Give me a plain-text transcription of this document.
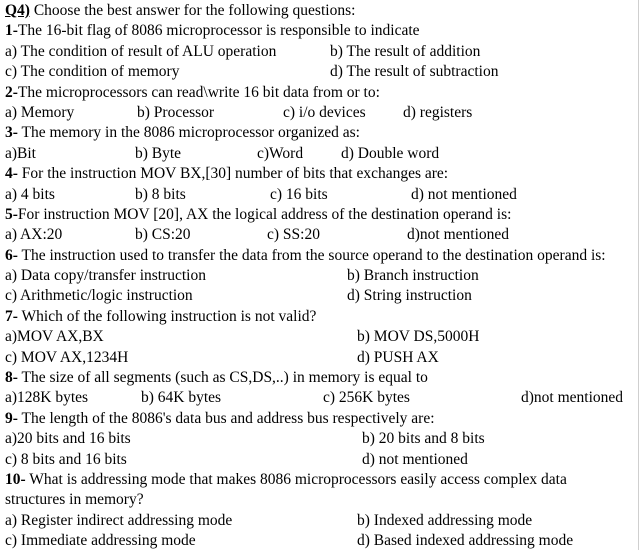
Q4) Choose the best answer for the following questions:
1-The 16-bit flag of 8086 microprocessor is responsible to indicate
a) The condition of result of ALU operation	b) The result of addition
c) The condition of memory	d) The result of subtraction
2-The microprocessors can read\write 16 bit data from or to:
a) Memory	b) Processor	c) i/o devices d) registers
3- The memory in the 8086 microprocessor organized as:
a)Bit	b) Byte	c)Word d) Double word
4- For the instruction MOV BX,[30] number of bits that exchanges are:
a) 4 bits	b) 8 bits	c) 16 bits	d) not mentioned
5-For instruction MOV [20], AX the logical address of the destination operand is:
a) AX:20	b) CS:20	c) SS:20	d)not mentioned
6- The instruction used to transfer the data from the source operand to the destination operand is:
a) Data copy/transfer instruction	b) Branch instruction
c) Arithmetic/logic instruction	d) String instruction
7- Which of the following instruction is not valid?
a)MOV AX,BX	b) MOV DS,5000H
c) MOV AX,1234H	d) PUSH AX
8- The size of all segments (such as CS,DS,..) in memory is equal to
a)128K bytes	b) 64K bytes	c) 256K bytes	d)not mentioned
9- The length of the 8086's data bus and address bus respectively are:
a)20 bits and 16 bits	b) 20 bits and 8 bits
c) 8 bits and 16 bits	d) not mentioned
10- What is addressing mode that makes 8086 microprocessors easily access complex data
structures in memory?
a) Register indirect addressing mode	b) Indexed addressing mode
c) Immediate addressing mode	d) Based indexed addressing mode
